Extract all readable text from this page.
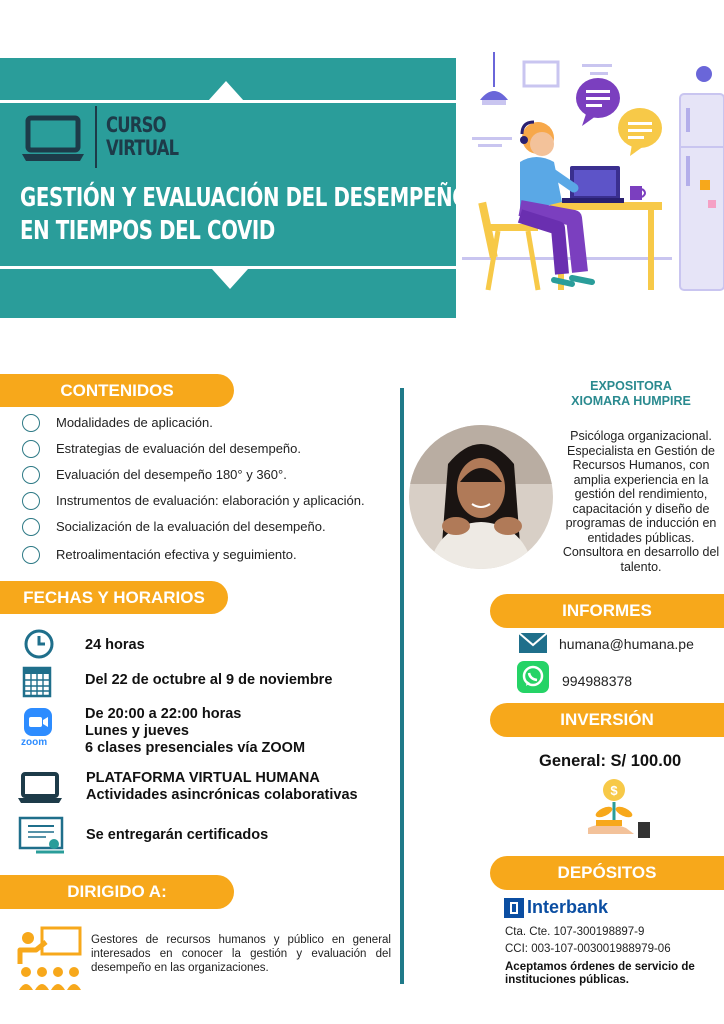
CURSO
VIRTUAL
GESTIÓN Y EVALUACIÓN DEL DESEMPEÑO
EN TIEMPOS DEL COVID
CONTENIDOS
Modalidades de aplicación.
Estrategias de evaluación del desempeño.
Evaluación del desempeño 180° y 360°.
Instrumentos de evaluación: elaboración y aplicación.
Socialización de la evaluación del desempeño.
Retroalimentación efectiva y seguimiento.
FECHAS Y HORARIOS
24 horas
Del 22 de octubre al 9 de noviembre
zoom
De 20:00 a 22:00 horas
Lunes y jueves
6 clases presenciales vía ZOOM
PLATAFORMA VIRTUAL HUMANA
Actividades asincrónicas colaborativas
Se entregarán certificados
DIRIGIDO A:
Gestores de recursos humanos y público en general interesados en conocer la gestión y evaluación del desempeño en las organizaciones.
EXPOSITORA
XIOMARA HUMPIRE
Psicóloga organizacional. Especialista en Gestión de Recursos Humanos, con amplia experiencia en la gestión del rendimiento, capacitación y diseño de programas de inducción en entidades públicas. Consultora en desarrollo del talento.
INFORMES
humana@humana.pe
994988378
INVERSIÓN
General: S/ 100.00
$
DEPÓSITOS
Interbank
Cta. Cte. 107-300198897-9
CCI: 003-107-003001988979-06
Aceptamos órdenes de servicio de instituciones públicas.
